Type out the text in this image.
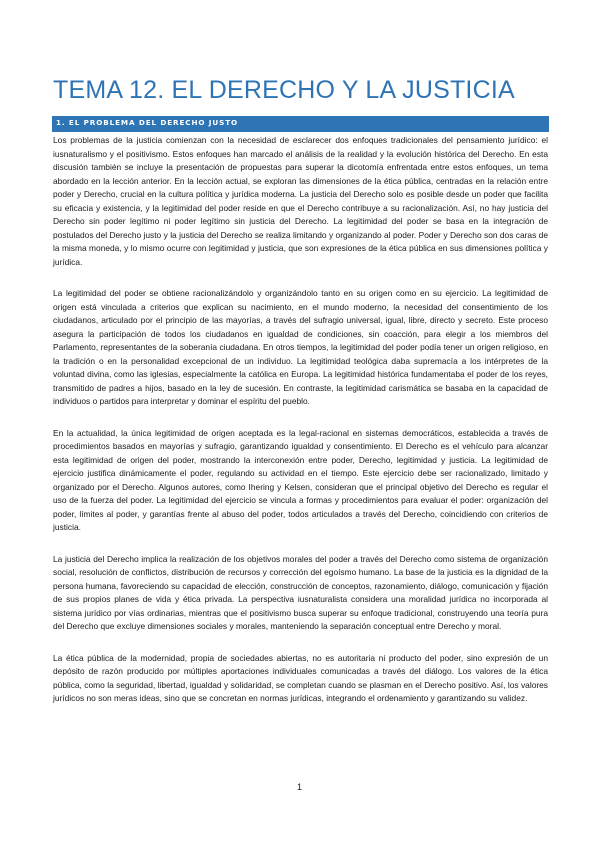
TEMA 12. EL DERECHO Y LA JUSTICIA
1. EL PROBLEMA DEL DERECHO JUSTO

Los problemas de la justicia comienzan con la necesidad de esclarecer dos enfoques tradicionales del pensamiento jurídico: el iusnaturalismo y el positivismo. Estos enfoques han marcado el análisis de la realidad y la evolución histórica del Derecho. En esta discusión también se incluye la presentación de propuestas para superar la dicotomía enfrentada entre estos enfoques, un tema abordado en la lección anterior. En la lección actual, se exploran las dimensiones de la ética pública, centradas en la relación entre poder y Derecho, crucial en la cultura política y jurídica moderna. La justicia del Derecho solo es posible desde un poder que facilita su eficacia y existencia, y la legitimidad del poder reside en que el Derecho contribuye a su racionalización. Así, no hay justicia del Derecho sin poder legítimo ni poder legítimo sin justicia del Derecho. La legitimidad del poder se basa en la integración de postulados del Derecho justo y la justicia del Derecho se realiza limitando y organizando al poder. Poder y Derecho son dos caras de la misma moneda, y lo mismo ocurre con legitimidad y justicia, que son expresiones de la ética pública en sus dimensiones política y jurídica.

La legitimidad del poder se obtiene racionalizándolo y organizándolo tanto en su origen como en su ejercicio. La legitimidad de origen está vinculada a criterios que explican su nacimiento, en el mundo moderno, la necesidad del consentimiento de los ciudadanos, articulado por el principio de las mayorías, a través del sufragio universal, igual, libre, directo y secreto. Este proceso asegura la participación de todos los ciudadanos en igualdad de condiciones, sin coacción, para elegir a los miembros del Parlamento, representantes de la soberanía ciudadana. En otros tiempos, la legitimidad del poder podía tener un origen religioso, en la tradición o en la personalidad excepcional de un individuo. La legitimidad teológica daba supremacía a los intérpretes de la voluntad divina, como las iglesias, especialmente la católica en Europa. La legitimidad histórica fundamentaba el poder de los reyes, transmitido de padres a hijos, basado en la ley de sucesión. En contraste, la legitimidad carismática se basaba en la capacidad de individuos o partidos para interpretar y dominar el espíritu del pueblo.

En la actualidad, la única legitimidad de origen aceptada es la legal-racional en sistemas democráticos, establecida a través de procedimientos basados en mayorías y sufragio, garantizando igualdad y consentimiento. El Derecho es el vehículo para alcanzar esta legitimidad de origen del poder, mostrando la interconexión entre poder, Derecho, legitimidad y justicia. La legitimidad de ejercicio justifica dinámicamente el poder, regulando su actividad en el tiempo. Este ejercicio debe ser racionalizado, limitado y organizado por el Derecho. Algunos autores, como Ihering y Kelsen, consideran que el principal objetivo del Derecho es regular el uso de la fuerza del poder. La legitimidad del ejercicio se vincula a formas y procedimientos para evaluar el poder: organización del poder, límites al poder, y garantías frente al abuso del poder, todos articulados a través del Derecho, coincidiendo con criterios de justicia.

La justicia del Derecho implica la realización de los objetivos morales del poder a través del Derecho como sistema de organización social, resolución de conflictos, distribución de recursos y corrección del egoísmo humano. La base de la justicia es la dignidad de la persona humana, favoreciendo su capacidad de elección, construcción de conceptos, razonamiento, diálogo, comunicación y fijación de sus propios planes de vida y ética privada. La perspectiva iusnaturalista considera una moralidad jurídica no incorporada al sistema jurídico por vías ordinarias, mientras que el positivismo busca superar su enfoque tradicional, construyendo una teoría pura del Derecho que excluye dimensiones sociales y morales, manteniendo la separación conceptual entre Derecho y moral.

La ética pública de la modernidad, propia de sociedades abiertas, no es autoritaria ni producto del poder, sino expresión de un depósito de razón producido por múltiples aportaciones individuales comunicadas a través del diálogo. Los valores de la ética pública, como la seguridad, libertad, igualdad y solidaridad, se completan cuando se plasman en el Derecho positivo. Así, los valores jurídicos no son meras ideas, sino que se concretan en normas jurídicas, integrando el ordenamiento y garantizando su validez.

1
